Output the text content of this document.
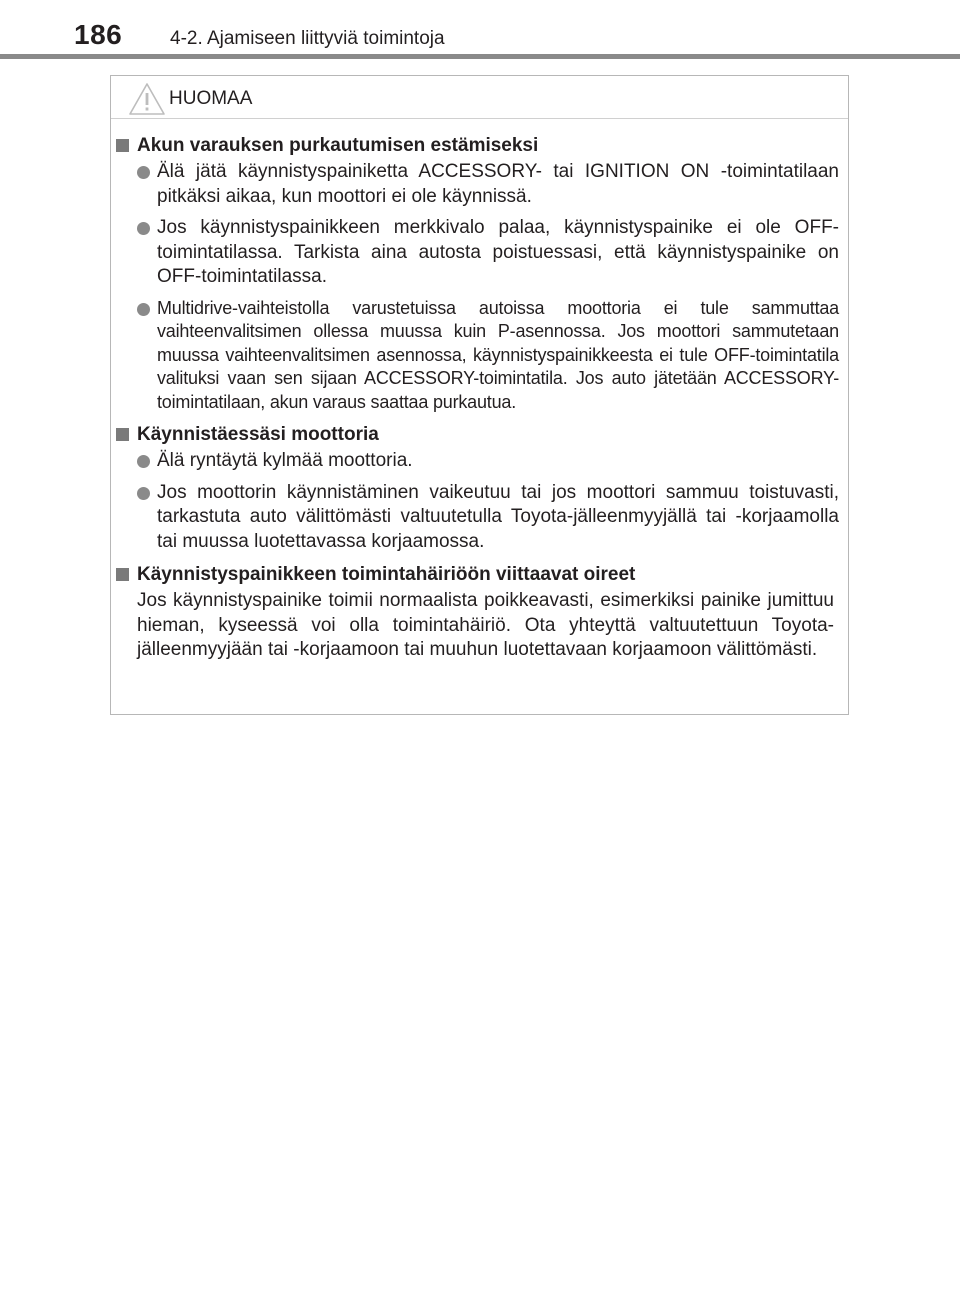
186	4-2. Ajamiseen liittyviä toimintoja
HUOMAA
Akun varauksen purkautumisen estämiseksi
Älä jätä käynnistyspainiketta ACCESSORY- tai IGNITION ON -toimintatilaan pitkäksi aikaa, kun moottori ei ole käynnissä.
Jos käynnistyspainikkeen merkkivalo palaa, käynnistyspainike ei ole OFF-toimintatilassa. Tarkista aina autosta poistuessasi, että käynnistyspainike on OFF-toimintatilassa.
Multidrive-vaihteistolla varustetuissa autoissa moottoria ei tule sammuttaa vaihteenvalitsimen ollessa muussa kuin P-asennossa. Jos moottori sammutetaan muussa vaihteenvalitsimen asennossa, käynnistyspainikkeesta ei tule OFF-toimintatila valituksi vaan sen sijaan ACCESSORY-toimintatila. Jos auto jätetään ACCESSORY-toimintatilaan, akun varaus saattaa purkautua.
Käynnistäessäsi moottoria
Älä ryntäytä kylmää moottoria.
Jos moottorin käynnistäminen vaikeutuu tai jos moottori sammuu toistuvasti, tarkastuta auto välittömästi valtuutetulla Toyota-jälleenmyyjällä tai -korjaamolla tai muussa luotettavassa korjaamossa.
Käynnistyspainikkeen toimintahäiriöön viittaavat oireet
Jos käynnistyspainike toimii normaalista poikkeavasti, esimerkiksi painike jumittuu hieman, kyseessä voi olla toimintahäiriö. Ota yhteyttä valtuutettuun Toyota-jälleenmyyjään tai -korjaamoon tai muuhun luotettavaan korjaamoon välittömästi.
